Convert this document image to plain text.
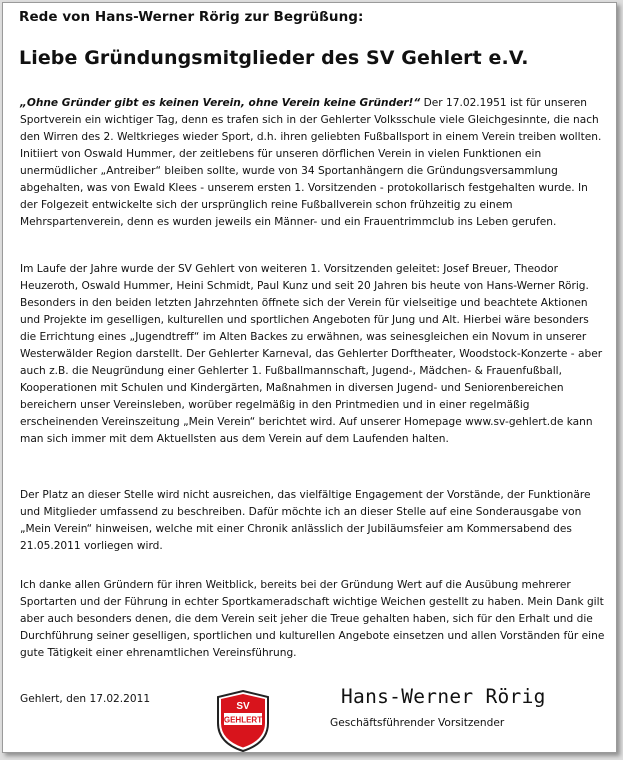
Rede von Hans-Werner Rörig zur Begrüßung:
Liebe Gründungsmitglieder des SV Gehlert e.V.

„Ohne Gründer gibt es keinen Verein, ohne Verein keine Gründer!“ Der 17.02.1951 ist für unseren Sportverein ein wichtiger Tag, denn es trafen sich in der Gehlerter Volksschule viele Gleichgesinnte, die nach den Wirren des 2. Weltkrieges wieder Sport, d.h. ihren geliebten Fußballsport in einem Verein treiben wollten. Initiiert von Oswald Hummer, der zeitlebens für unseren dörflichen Verein in vielen Funktionen ein unermüdlicher „Antreiber“ bleiben sollte, wurde von 34 Sportanhängern die Gründungsversammlung abgehalten, was von Ewald Klees - unserem ersten 1. Vorsitzenden - protokollarisch festgehalten wurde. In der Folgezeit entwickelte sich der ursprünglich reine Fußballverein schon frühzeitig zu einem Mehrspartenverein, denn es wurden jeweils ein Männer- und ein Frauentrimmclub ins Leben gerufen.

Im Laufe der Jahre wurde der SV Gehlert von weiteren 1. Vorsitzenden geleitet: Josef Breuer, Theodor Heuzeroth, Oswald Hummer, Heini Schmidt, Paul Kunz und seit 20 Jahren bis heute von Hans-Werner Rörig. Besonders in den beiden letzten Jahrzehnten öffnete sich der Verein für vielseitige und beachtete Aktionen und Projekte im geselligen, kulturellen und sportlichen Angeboten für Jung und Alt. Hierbei wäre besonders die Errichtung eines „Jugendtreff“ im Alten Backes zu erwähnen, was seinesgleichen ein Novum in unserer Westerwälder Region darstellt. Der Gehlerter Karneval, das Gehlerter Dorftheater, Woodstock-Konzerte - aber auch z.B. die Neugründung einer Gehlerter 1. Fußballmannschaft, Jugend-, Mädchen- & Frauenfußball, Kooperationen mit Schulen und Kindergärten, Maßnahmen in diversen Jugend- und Seniorenbereichen bereichern unser Vereinsleben, worüber regelmäßig in den Printmedien und in einer regelmäßig erscheinenden Vereinszeitung „Mein Verein“ berichtet wird. Auf unserer Homepage www.sv-gehlert.de kann man sich immer mit dem Aktuellsten aus dem Verein auf dem Laufenden halten.

Der Platz an dieser Stelle wird nicht ausreichen, das vielfältige Engagement der Vorstände, der Funktionäre und Mitglieder umfassend zu beschreiben. Dafür möchte ich an dieser Stelle auf eine Sonderausgabe von „Mein Verein“ hinweisen, welche mit einer Chronik anlässlich der Jubiläumsfeier am Kommersabend des 21.05.2011 vorliegen wird.

Ich danke allen Gründern für ihren Weitblick, bereits bei der Gründung Wert auf die Ausübung mehrerer Sportarten und der Führung in echter Sportkameradschaft wichtige Weichen gestellt zu haben. Mein Dank gilt aber auch besonders denen, die dem Verein seit jeher die Treue gehalten haben, sich für den Erhalt und die Durchführung seiner geselligen, sportlichen und kulturellen Angebote einsetzen und allen Vorständen für eine gute Tätigkeit einer ehrenamtlichen Vereinsführung.

Gehlert, den 17.02.2011
SV
GEHLERT
Hans-Werner Rörig
Geschäftsführender Vorsitzender
